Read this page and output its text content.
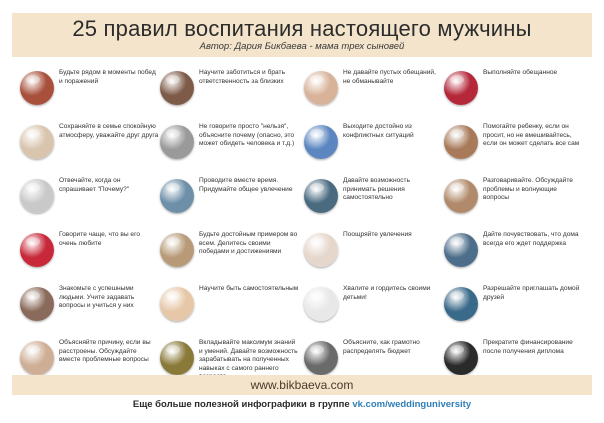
25 правил воспитания настоящего мужчины

Автор: Дария Бикбаева - мама трех сыновей

Будьте рядом в моменты побед и поражений
Научите заботиться и брать ответственность за близких
Не давайте пустых обещаний, не обманывайте
Выполняйте обещанное
Сохраняйте в семье спокойную атмосферу, уважайте друг друга
Не говорите просто "нельзя", объясните почему (опасно, это может обидеть человека и т.д.)
Выходите достойно из конфликтных ситуаций
Помогайте ребенку, если он просит, но не вмешивайтесь, если он может сделать все сам
Отвечайте, когда он спрашивает "Почему?"
Проводите вместе время. Придумайте общее увлечение
Давайте возможность принимать решения самостоятельно
Разговаривайте. Обсуждайте проблемы и волнующие вопросы
Говорите чаще, что вы его очень любите
Будьте достойным примером во всем. Делитесь своими победами и достижениями
Поощряйте увлечения	Дайте почувствовать, что дома всегда его ждет поддержка
Знакомьте с успешными людьми. Учите задавать вопросы и учиться у них
Научите быть самостоятельным	Хвалите и гордитесь своими детьми!
Разрешайте приглашать домой друзей
Объясняйте причину, если вы расстроены. Обсуждайте вместе проблемные вопросы
Вкладывайте максимум знаний и умений. Давайте возможность зарабатывать на полученных навыках с самого раннего
Объясните, как грамотно распределять бюджет
Прекратите финансирование после получения диплома
www.bikbaeva.com
Еще больше полезной инфографики в группе vk.com/weddinguniversity
